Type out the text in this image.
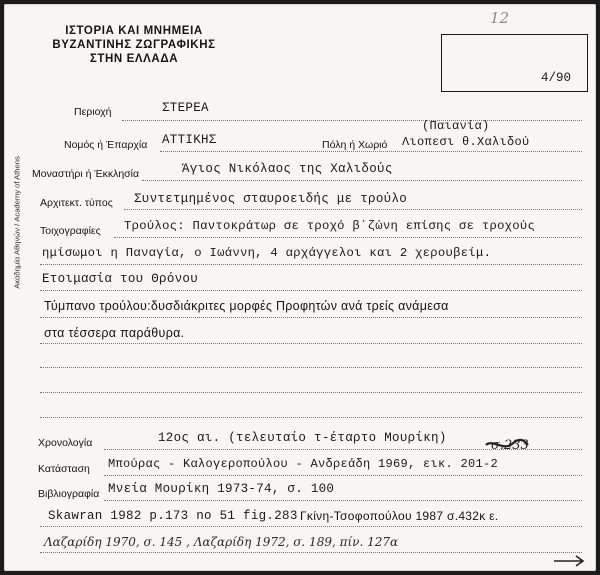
Ακαδημία Αθηνών / Academy of Athens
ΙΣΤΟΡΙΑ ΚΑΙ ΜΝΗΜΕΙΑ
ΒΥΖΑΝΤΙΝΗΣ ΖΩΓΡΑΦΙΚΗΣ
ΣΤΗΝ ΕΛΛΑΔΑ
4/90
12
Περιοχή	ΣΤΕΡΕΑ
Νομός ή Έπαρχία ΑΤΤΙΚΗΣ	Πόλη ή Χωριό
(Παιανία)
Λιοπεσι θ.Χαλιδού
Μοναστήρι ή Έκκλησία	Άγιος Νικόλαος της Χαλιδούς
Αρχιτεκτ. τύπος Συντετμημένος σταυροειδής με τρούλο
Τοιχογραφίες Τρούλος: Παντοκράτωρ σε τροχό β΄ζώνη επίσης σε τροχούς
ημίσωμοι η Παναγία, ο Ιωάννη, 4 αρχάγγελοι και 2 χερουβείμ.
Ετοιμασία του Θρόνου
Τύμπανο τρούλου:δυσδιάκριτες μορφές Προφητών ανά τρείς ανάμεσα
στα τέσσερα παράθυρα.
Χρονολογία	12ος αι. (τελευταίο τ-έταρτο Μουρίκη)	σ.233
Κατάσταση Μπούρας - Καλογεροπούλου - Ανδρεάδη 1969, εικ. 201-2
Βιβλιογραφία Μνεία Μουρίκη 1973-74, σ. 100
Skawran 1982 p.173 no 51 fig.283 Γκίνη-Τσοφοπούλου 1987 σ.432κ ε.
Λαζαρίδη 1970, σ. 145 , Λαζαρίδη 1972, σ. 189, πίν. 127α
